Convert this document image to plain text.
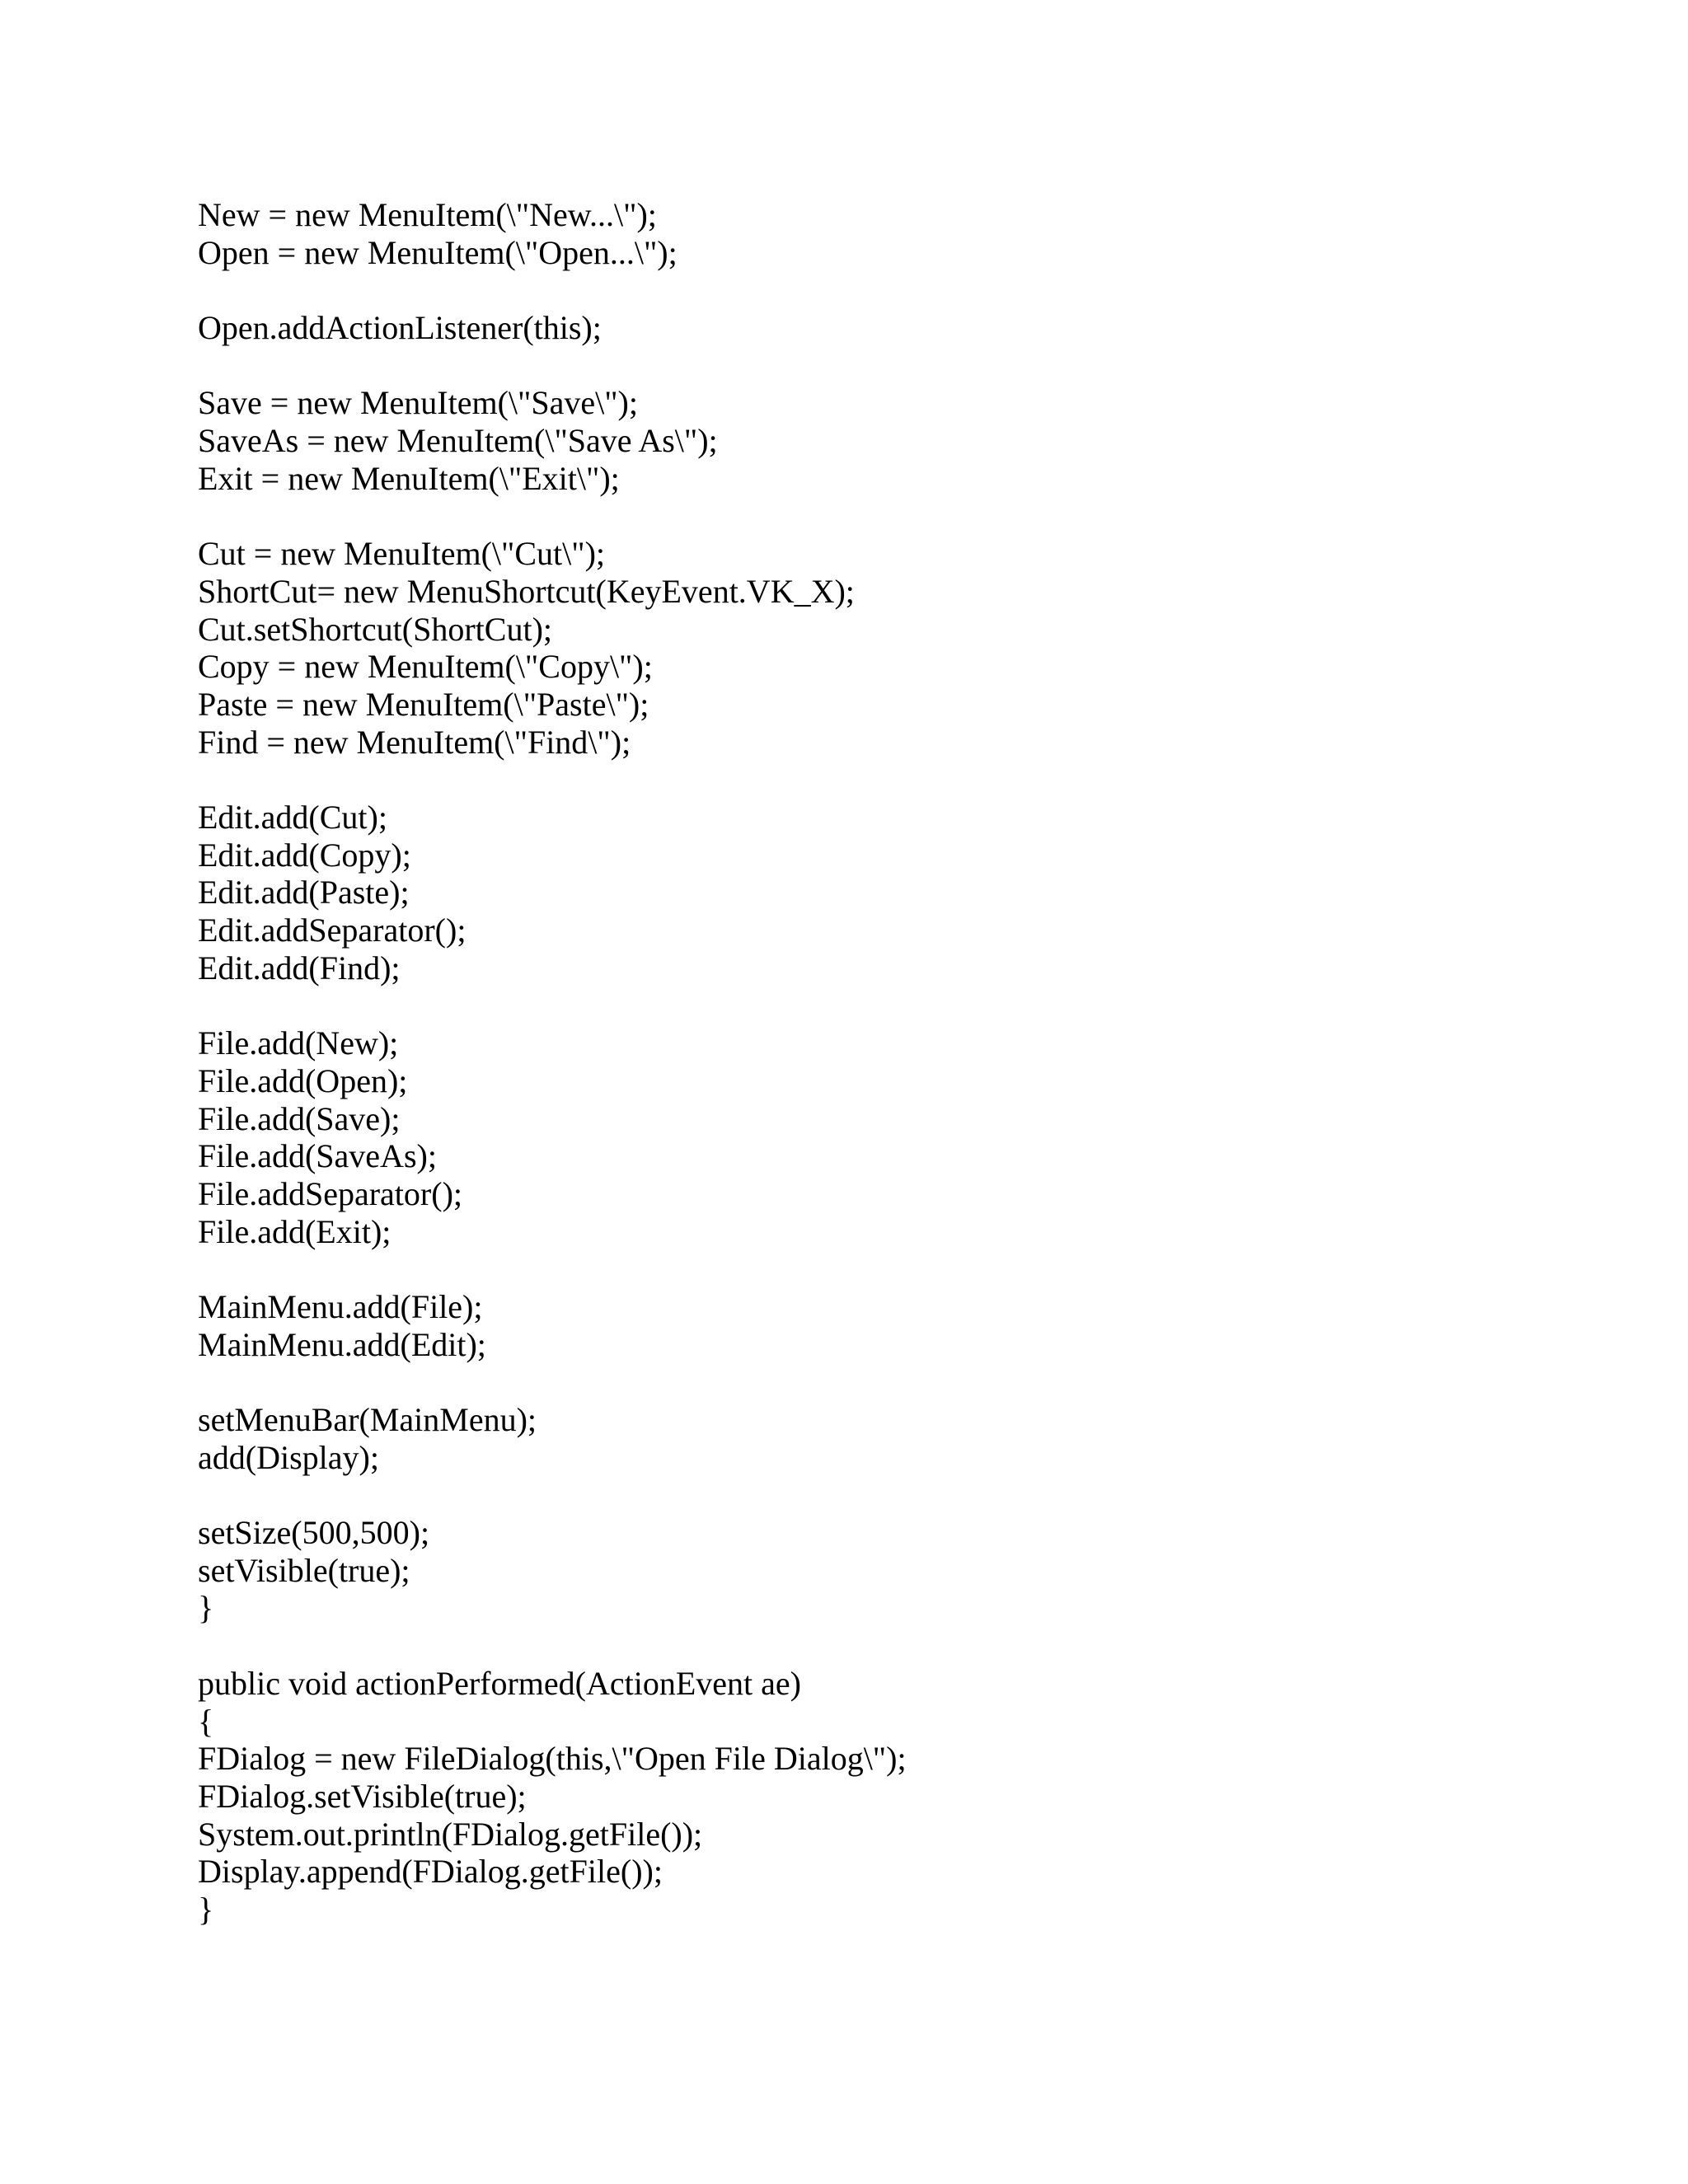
New = new MenuItem(\"New...\");
Open = new MenuItem(\"Open...\");
Open.addActionListener(this);
Save = new MenuItem(\"Save\");
SaveAs = new MenuItem(\"Save As\");
Exit = new MenuItem(\"Exit\");
Cut = new MenuItem(\"Cut\");
ShortCut= new MenuShortcut(KeyEvent.VK_X);
Cut.setShortcut(ShortCut);
Copy = new MenuItem(\"Copy\");
Paste = new MenuItem(\"Paste\");
Find = new MenuItem(\"Find\");
Edit.add(Cut);
Edit.add(Copy);
Edit.add(Paste);
Edit.addSeparator();
Edit.add(Find);
File.add(New);
File.add(Open);
File.add(Save);
File.add(SaveAs);
File.addSeparator();
File.add(Exit);
MainMenu.add(File);
MainMenu.add(Edit);
setMenuBar(MainMenu);
add(Display);
setSize(500,500);
setVisible(true);
}
public void actionPerformed(ActionEvent ae)
{
FDialog = new FileDialog(this,\"Open File Dialog\");
FDialog.setVisible(true);
System.out.println(FDialog.getFile());
Display.append(FDialog.getFile());
}
